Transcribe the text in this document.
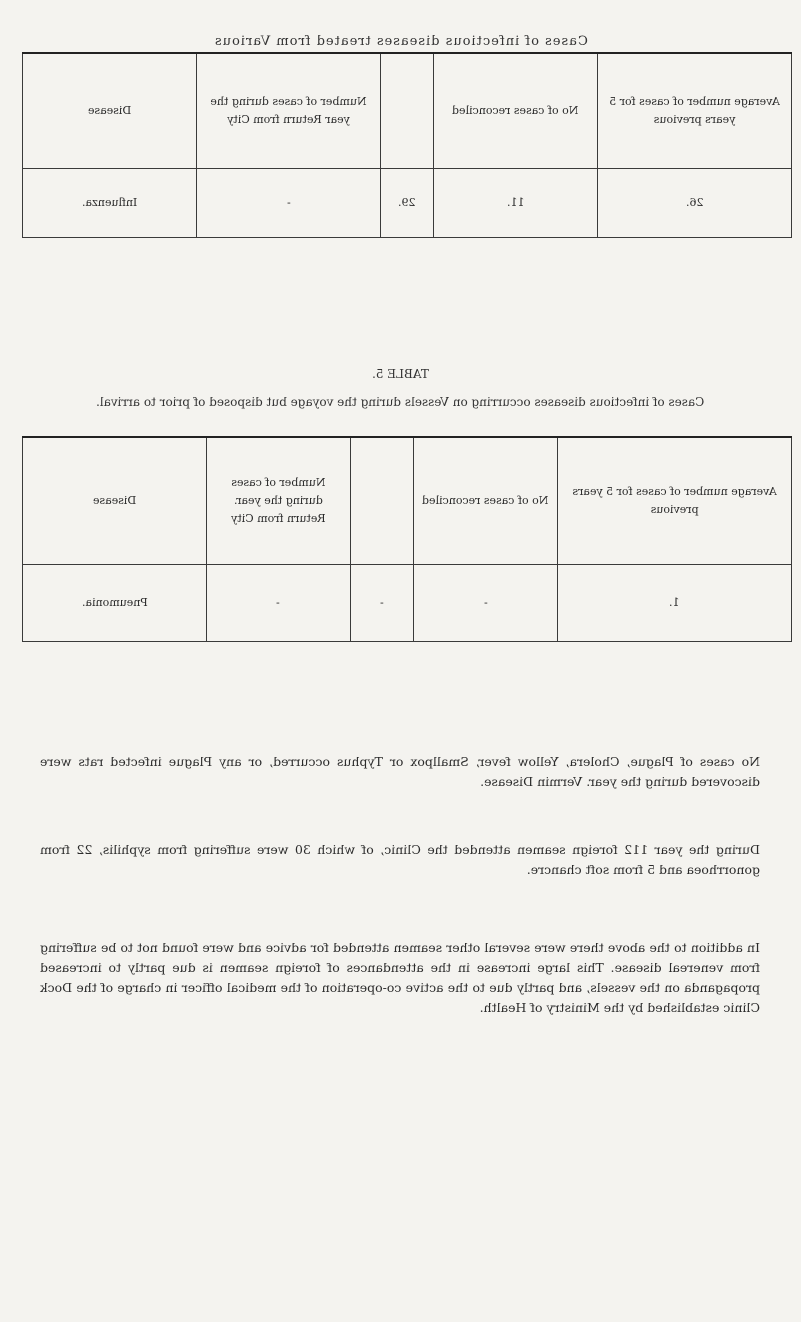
Cases of infectious diseases treated from Various
Disease	Number of cases during the year Return from City		No of cases reconciled	Average number of cases for 5 years previous
Influenza.	-	29.	11.	26.
TABLE 5.
Cases of infectious diseases occurring on Vessels during the voyage but disposed of prior to arrival.
Disease	Number of cases during the year. Return from City		No of cases reconciled	Average number of cases for 5 years previous
Pneumonia.	-	-	-	1.
No cases of Plague, Cholera, Yellow fever, Smallpox or Typhus occurred, or any Plague infected rats were discovered during the year. Vermin Disease.
During the year 112 foreign seamen attended the Clinic, of which 30 were suffering from syphilis, 22 from gonorrhoea and 5 from soft chancre.
In addition to the above there were several other seamen attended for advice and were found not to be suffering from venereal disease. This large increase in the attendances of foreign seamen is due partly to increased propaganda on the vessels, and partly due to the active co-operation of the medical officer in charge of the Dock Clinic established by the Ministry of Health.
